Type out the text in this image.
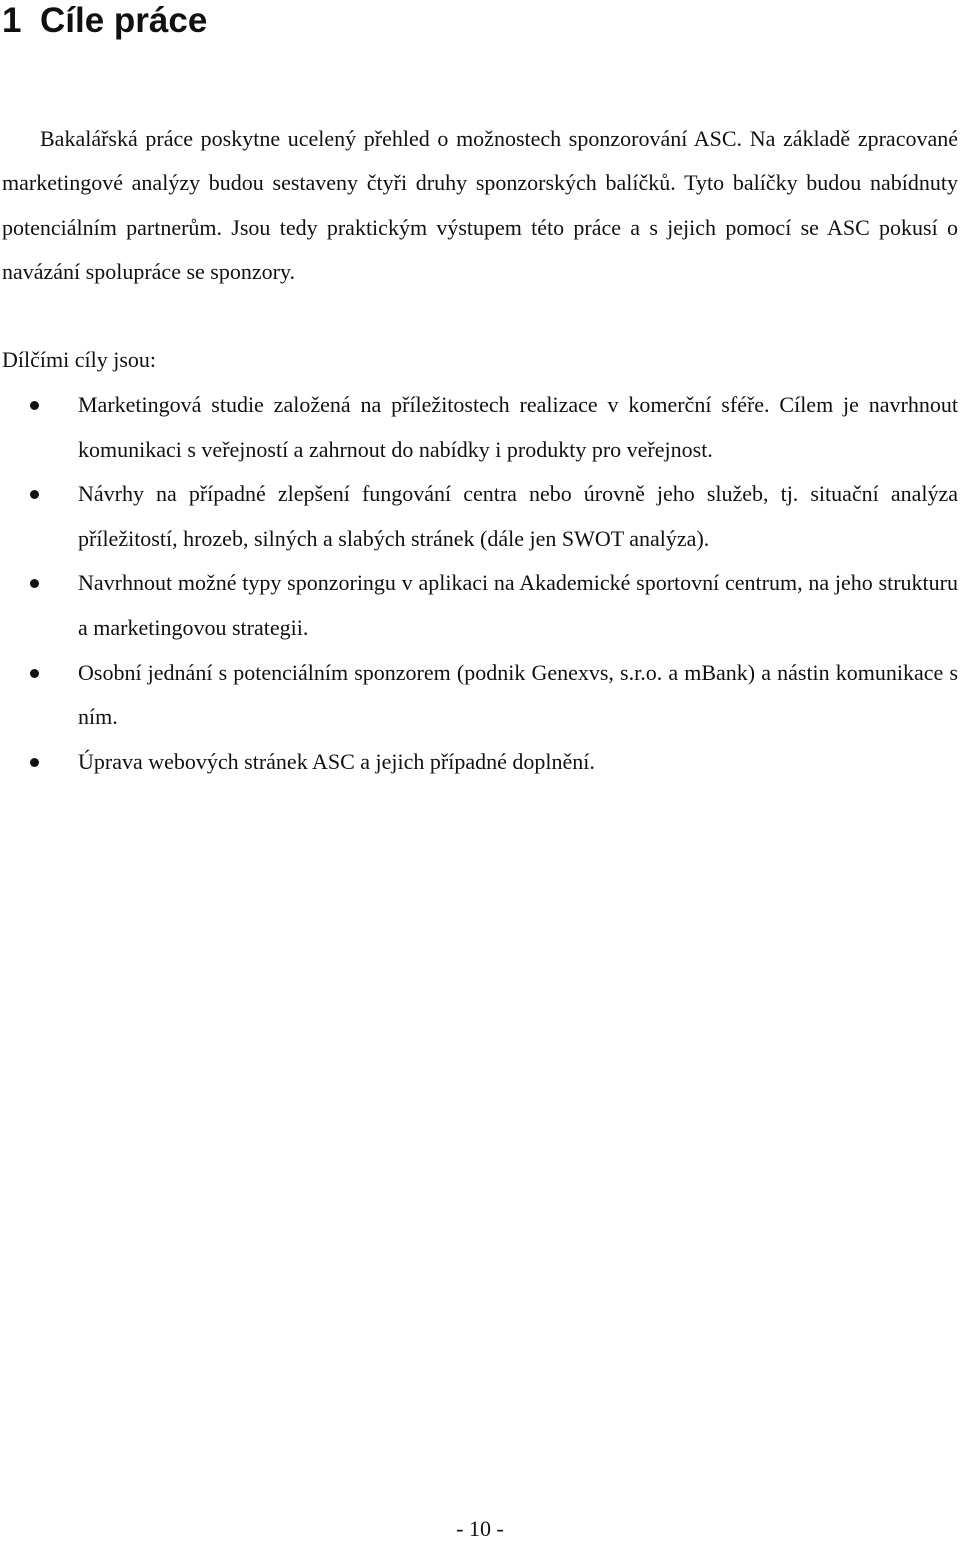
1 Cíle práce

Bakalářská práce poskytne ucelený přehled o možnostech sponzorování ASC. Na základě zpracované marketingové analýzy budou sestaveny čtyři druhy sponzorských balíčků. Tyto balíčky budou nabídnuty potenciálním partnerům. Jsou tedy praktickým výstupem této práce a s jejich pomocí se ASC pokusí o navázání spolupráce se sponzory.

Dílčími cíly jsou:
Marketingová studie založená na příležitostech realizace v komerční sféře. Cílem je navrhnout komunikaci s veřejností a zahrnout do nabídky i produkty pro veřejnost.
Návrhy na případné zlepšení fungování centra nebo úrovně jeho služeb, tj. situační analýza příležitostí, hrozeb, silných a slabých stránek (dále jen SWOT analýza).
Navrhnout možné typy sponzoringu v aplikaci na Akademické sportovní centrum, na jeho strukturu a marketingovou strategii.
Osobní jednání s potenciálním sponzorem (podnik Genexvs, s.r.o. a mBank) a nástin komunikace s ním.
Úprava webových stránek ASC a jejich případné doplnění.
- 10 -
